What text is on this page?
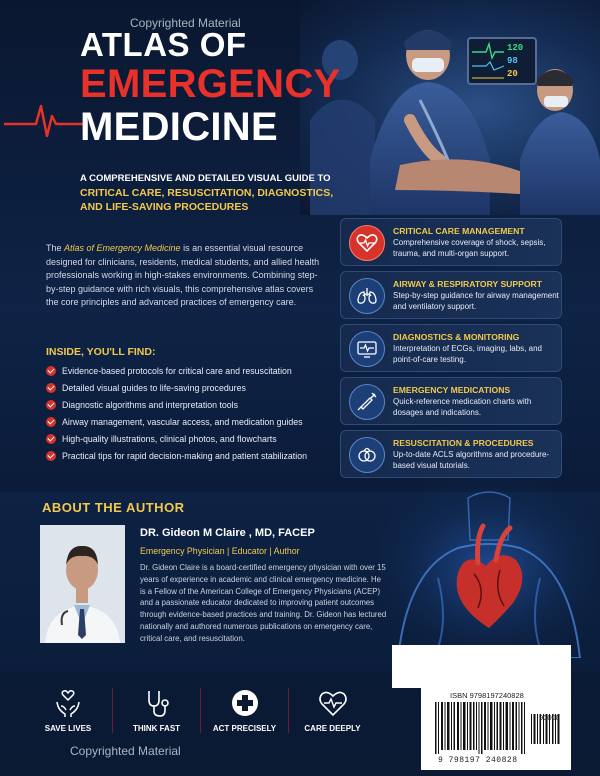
120
98
20
Copyrighted Material
ATLAS OF
EMERGENCY
MEDICINE
A COMPREHENSIVE AND DETAILED VISUAL GUIDE TO
CRITICAL CARE, RESUSCITATION, DIAGNOSTICS,
AND LIFE-SAVING PROCEDURES

The Atlas of Emergency Medicine is an essential visual resource designed for clinicians, residents, medical students, and allied health professionals working in high-stakes environments. Combining step-by-step guidance with rich visuals, this comprehensive atlas covers the core principles and advanced practices of emergency care.

INSIDE, YOU'LL FIND:
Evidence-based protocols for critical care and resuscitation
Detailed visual guides to life-saving procedures
Diagnostic algorithms and interpretation tools
Airway management, vascular access, and medication guides
High-quality illustrations, clinical photos, and flowcharts
Practical tips for rapid decision-making and patient stabilization
CRITICAL CARE MANAGEMENT
Comprehensive coverage of shock, sepsis, trauma, and multi-organ support.
AIRWAY & RESPIRATORY SUPPORT
Step-by-step guidance for airway management and ventilatory support.
DIAGNOSTICS & MONITORING
Interpretation of ECGs, imaging, labs, and point-of-care testing.
EMERGENCY MEDICATIONS
Quick-reference medication charts with dosages and indications.
RESUSCITATION & PROCEDURES
Up-to-date ACLS algorithms and procedure-based visual tutorials.
ABOUT THE AUTHOR
DR. Gideon M Claire , MD, FACEP
Emergency Physician | Educator | Author

Dr. Gideon Claire is a board-certified emergency physician with over 15 years of experience in academic and clinical emergency medicine. He is a Fellow of the American College of Emergency Physicians (ACEP) and a passionate educator dedicated to improving patient outcomes through evidence-based practices and training. Dr. Gideon has lectured nationally and authored numerous publications on emergency care, critical care, and resuscitation.

ISBN 9798197240828
90000
9 798197 240828
SAVE LIVES	THINK FAST	ACT PRECISELY	CARE DEEPLY
Copyrighted Material
